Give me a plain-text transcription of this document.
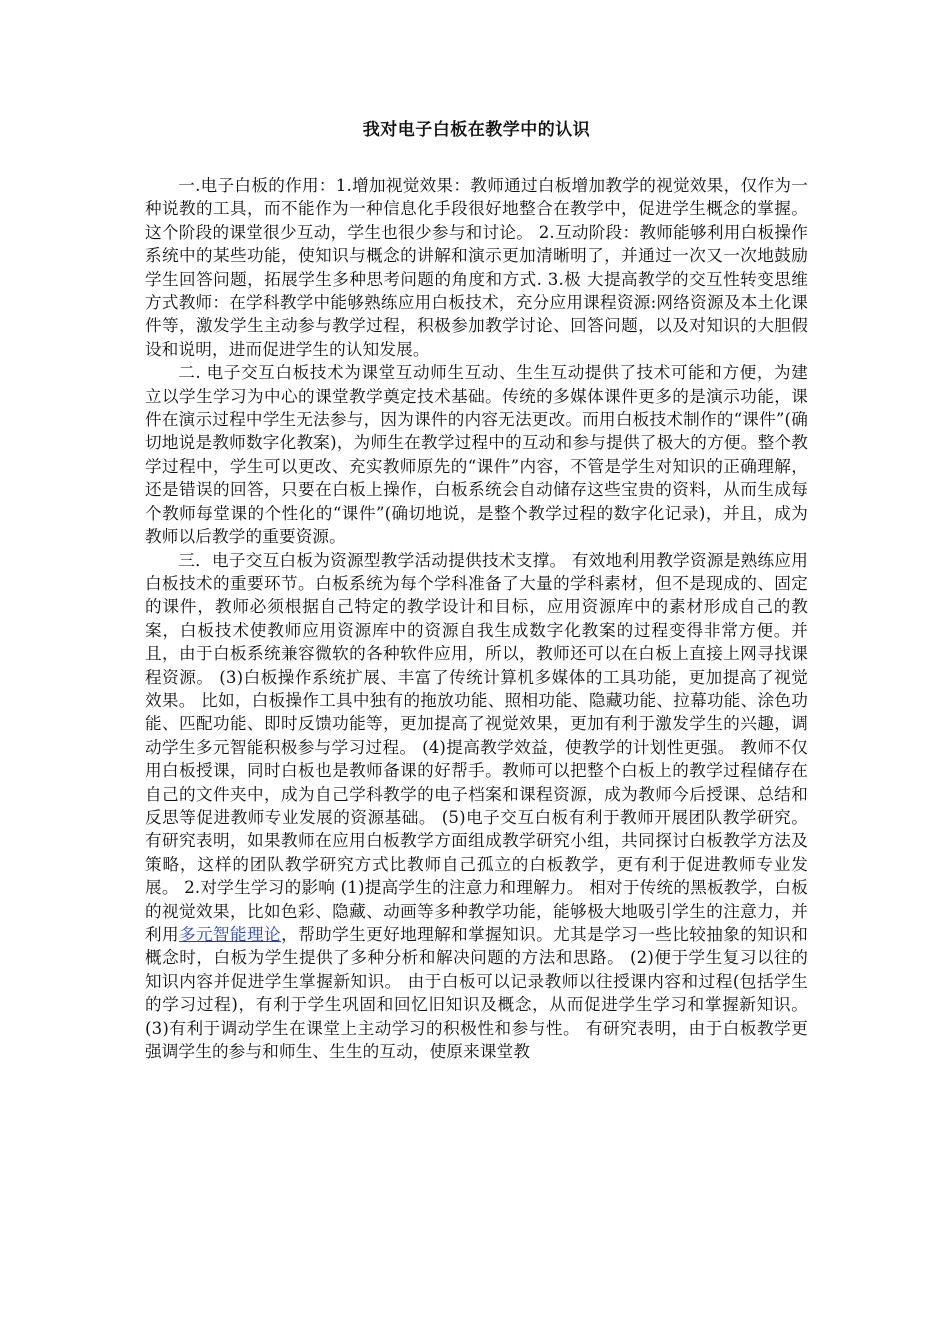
我对电子白板在教学中的认识

一.电子白板的作用：1.增加视觉效果：教师通过白板增加教学的视觉效果，仅作为一种说教的工具，而不能作为一种信息化手段很好地整合在教学中，促进学生概念的掌握。这个阶段的课堂很少互动，学生也很少参与和讨论。 2.互动阶段：教师能够利用白板操作系统中的某些功能，使知识与概念的讲解和演示更加清晰明了，并通过一次又一次地鼓励学生回答问题，拓展学生多种思考问题的角度和方式. 3.极 大提高教学的交互性转变思维方式教师：在学科教学中能够熟练应用白板技术，充分应用课程资源:网络资源及本土化课件等，激发学生主动参与教学过程，积极参加教学讨论、回答问题，以及对知识的大胆假设和说明，进而促进学生的认知发展。

二. 电子交互白板技术为课堂互动师生互动、生生互动提供了技术可能和方便，为建立以学生学习为中心的课堂教学奠定技术基础。传统的多媒体课件更多的是演示功能，课件在演示过程中学生无法参与，因为课件的内容无法更改。而用白板技术制作的“课件”(确切地说是教师数字化教案)，为师生在教学过程中的互动和参与提供了极大的方便。整个教学过程中，学生可以更改、充实教师原先的“课件”内容，不管是学生对知识的正确理解，还是错误的回答，只要在白板上操作，白板系统会自动储存这些宝贵的资料，从而生成每个教师每堂课的个性化的“课件”(确切地说，是整个教学过程的数字化记录)，并且，成为教师以后教学的重要资源。

三．电子交互白板为资源型教学活动提供技术支撑。 有效地利用教学资源是熟练应用白板技术的重要环节。白板系统为每个学科准备了大量的学科素材，但不是现成的、固定的课件，教师必须根据自己特定的教学设计和目标，应用资源库中的素材形成自己的教案，白板技术使教师应用资源库中的资源自我生成数字化教案的过程变得非常方便。并且，由于白板系统兼容微软的各种软件应用，所以，教师还可以在白板上直接上网寻找课程资源。 (3)白板操作系统扩展、丰富了传统计算机多媒体的工具功能，更加提高了视觉效果。 比如，白板操作工具中独有的拖放功能、照相功能、隐藏功能、拉幕功能、涂色功能、匹配功能、即时反馈功能等，更加提高了视觉效果，更加有利于激发学生的兴趣，调动学生多元智能积极参与学习过程。 (4)提高教学效益，使教学的计划性更强。 教师不仅用白板授课，同时白板也是教师备课的好帮手。教师可以把整个白板上的教学过程储存在自己的文件夹中，成为自己学科教学的电子档案和课程资源，成为教师今后授课、总结和反思等促进教师专业发展的资源基础。 (5)电子交互白板有利于教师开展团队教学研究。 有研究表明，如果教师在应用白板教学方面组成教学研究小组，共同探讨白板教学方法及策略，这样的团队教学研究方式比教师自己孤立的白板教学，更有利于促进教师专业发展。 2.对学生学习的影响 (1)提高学生的注意力和理解力。 相对于传统的黑板教学，白板的视觉效果，比如色彩、隐藏、动画等多种教学功能，能够极大地吸引学生的注意力，并利用多元智能理论，帮助学生更好地理解和掌握知识。尤其是学习一些比较抽象的知识和概念时，白板为学生提供了多种分析和解决问题的方法和思路。 (2)便于学生复习以往的知识内容并促进学生掌握新知识。 由于白板可以记录教师以往授课内容和过程(包括学生的学习过程)，有利于学生巩固和回忆旧知识及概念，从而促进学生学习和掌握新知识。 (3)有利于调动学生在课堂上主动学习的积极性和参与性。 有研究表明，由于白板教学更强调学生的参与和师生、生生的互动，使原来课堂教
